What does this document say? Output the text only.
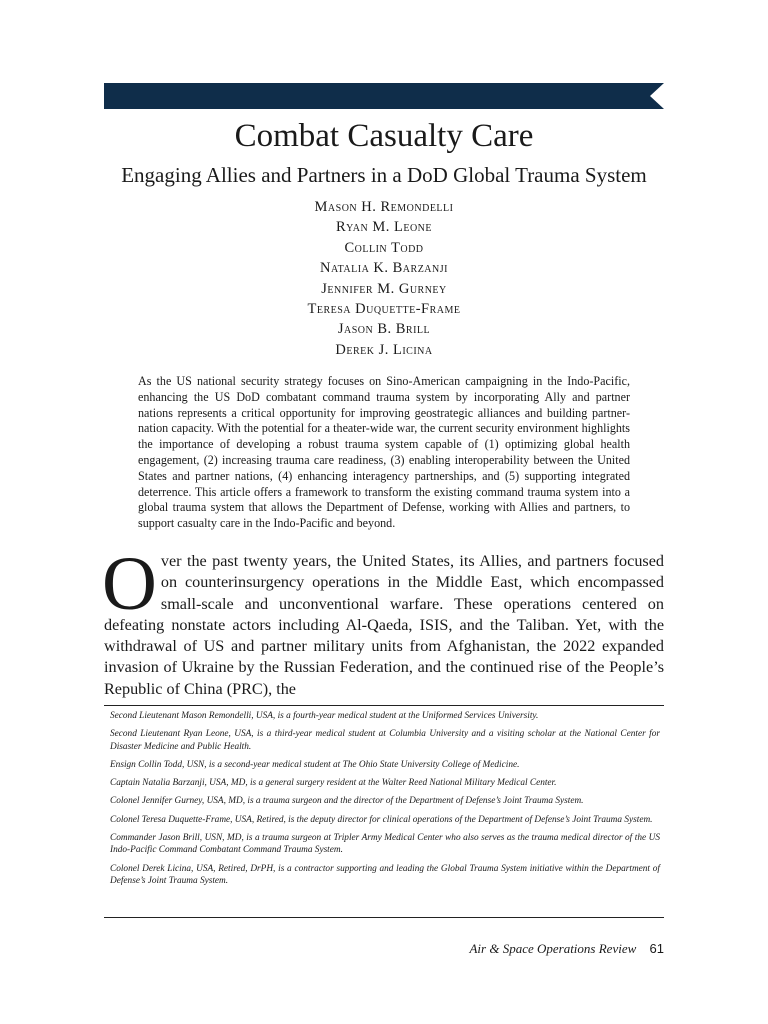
Combat Casualty Care
Engaging Allies and Partners in a DoD Global Trauma System
Mason H. Remondelli
Ryan M. Leone
Collin Todd
Natalia K. Barzanji
Jennifer M. Gurney
Teresa Duquette-Frame
Jason B. Brill
Derek J. Licina

As the US national security strategy focuses on Sino-American campaigning in the Indo-Pacific, enhancing the US DoD combatant command trauma system by incorporating Ally and partner nations represents a critical opportunity for improving geostrategic alliances and building partner-nation capacity. With the potential for a theater-wide war, the current security environment highlights the importance of developing a robust trauma system capable of (1) optimizing global health engagement, (2) increasing trauma care readiness, (3) enabling interoperability between the United States and partner nations, (4) enhancing interagency partnerships, and (5) supporting integrated deterrence. This article offers a framework to transform the existing command trauma system into a global trauma system that allows the Department of Defense, working with Allies and partners, to support casualty care in the Indo-Pacific and beyond.

Over the past twenty years, the United States, its Allies, and partners focused on counterinsurgency operations in the Middle East, which encompassed small-scale and unconventional warfare. These operations centered on defeating nonstate actors including Al-Qaeda, ISIS, and the Taliban. Yet, with the withdrawal of US and partner military units from Afghanistan, the 2022 expanded invasion of Ukraine by the Russian Federation, and the continued rise of the People’s Republic of China (PRC), the

Second Lieutenant Mason Remondelli, USA, is a fourth-year medical student at the Uniformed Services University.

Second Lieutenant Ryan Leone, USA, is a third-year medical student at Columbia University and a visiting scholar at the National Center for Disaster Medicine and Public Health.

Ensign Collin Todd, USN, is a second-year medical student at The Ohio State University College of Medicine.

Captain Natalia Barzanji, USA, MD, is a general surgery resident at the Walter Reed National Military Medical Center.

Colonel Jennifer Gurney, USA, MD, is a trauma surgeon and the director of the Department of Defense’s Joint Trauma System.

Colonel Teresa Duquette-Frame, USA, Retired, is the deputy director for clinical operations of the Department of Defense’s Joint Trauma System.

Commander Jason Brill, USN, MD, is a trauma surgeon at Tripler Army Medical Center who also serves as the trauma medical director of the US Indo-Pacific Command Combatant Command Trauma System.

Colonel Derek Licina, USA, Retired, DrPH, is a contractor supporting and leading the Global Trauma System initiative within the Department of Defense’s Joint Trauma System.

Air & Space Operations Review 61
